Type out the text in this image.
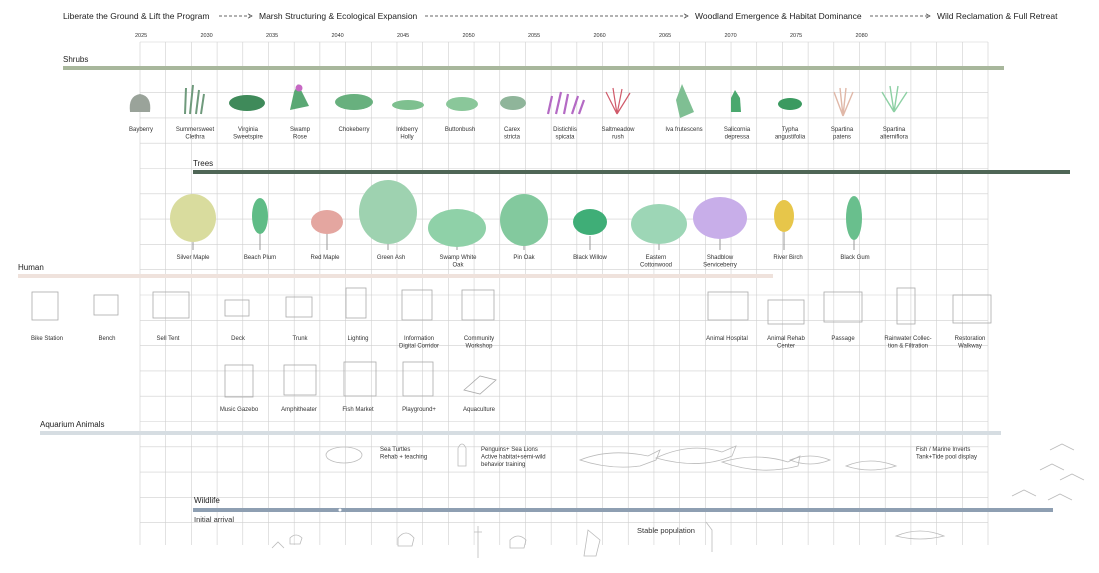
Liberate the Ground & Lift the Program	Marsh Structuring & Ecological Expansion	Woodland Emergence & Habitat Dominance	Wild Reclamation & Full Retreat
2025	2030	2035	2040	2045	2050	2055	2060	2065	2070	2075	2080
Shrubs
Trees
Human
Aquarium Animals
Wildlife
Bayberry	Summersweet Clethra
Virginia Sweetspire
Swamp Rose
Chokeberry	Inkberry Holly
Buttonbush	Carex stricta
Distichlis spicata
Saltmeadow rush
Iva frutescens	Salicornia depressa
Typha angustifolia
Spartina patens
Spartina alterniflora
Silver Maple	Beach Plum	Red Maple	Green Ash	Swamp White Oak
Pin Oak	Black Willow	Eastern Cottonwood
Shadblow Serviceberry
River Birch	Black Gum
Bike Station	Bench	Sell Tent	Deck	Trunk	Lighting	Information Digital Corridor
Community Workshop
Animal Hospital	Animal Rehab Center
Passage	Rainwater Collec-tion & Filtration
Restoration Walkway
Music Gazebo	Amphitheater	Fish Market	Playground+	Aquaculture
Sea Turtles Rehab + teaching
Penguins+ Sea Lions Active habitat+semi-wild behavior training
Fish / Marine Inverts Tank+Tide pool display
Initial arrival
Stable population
